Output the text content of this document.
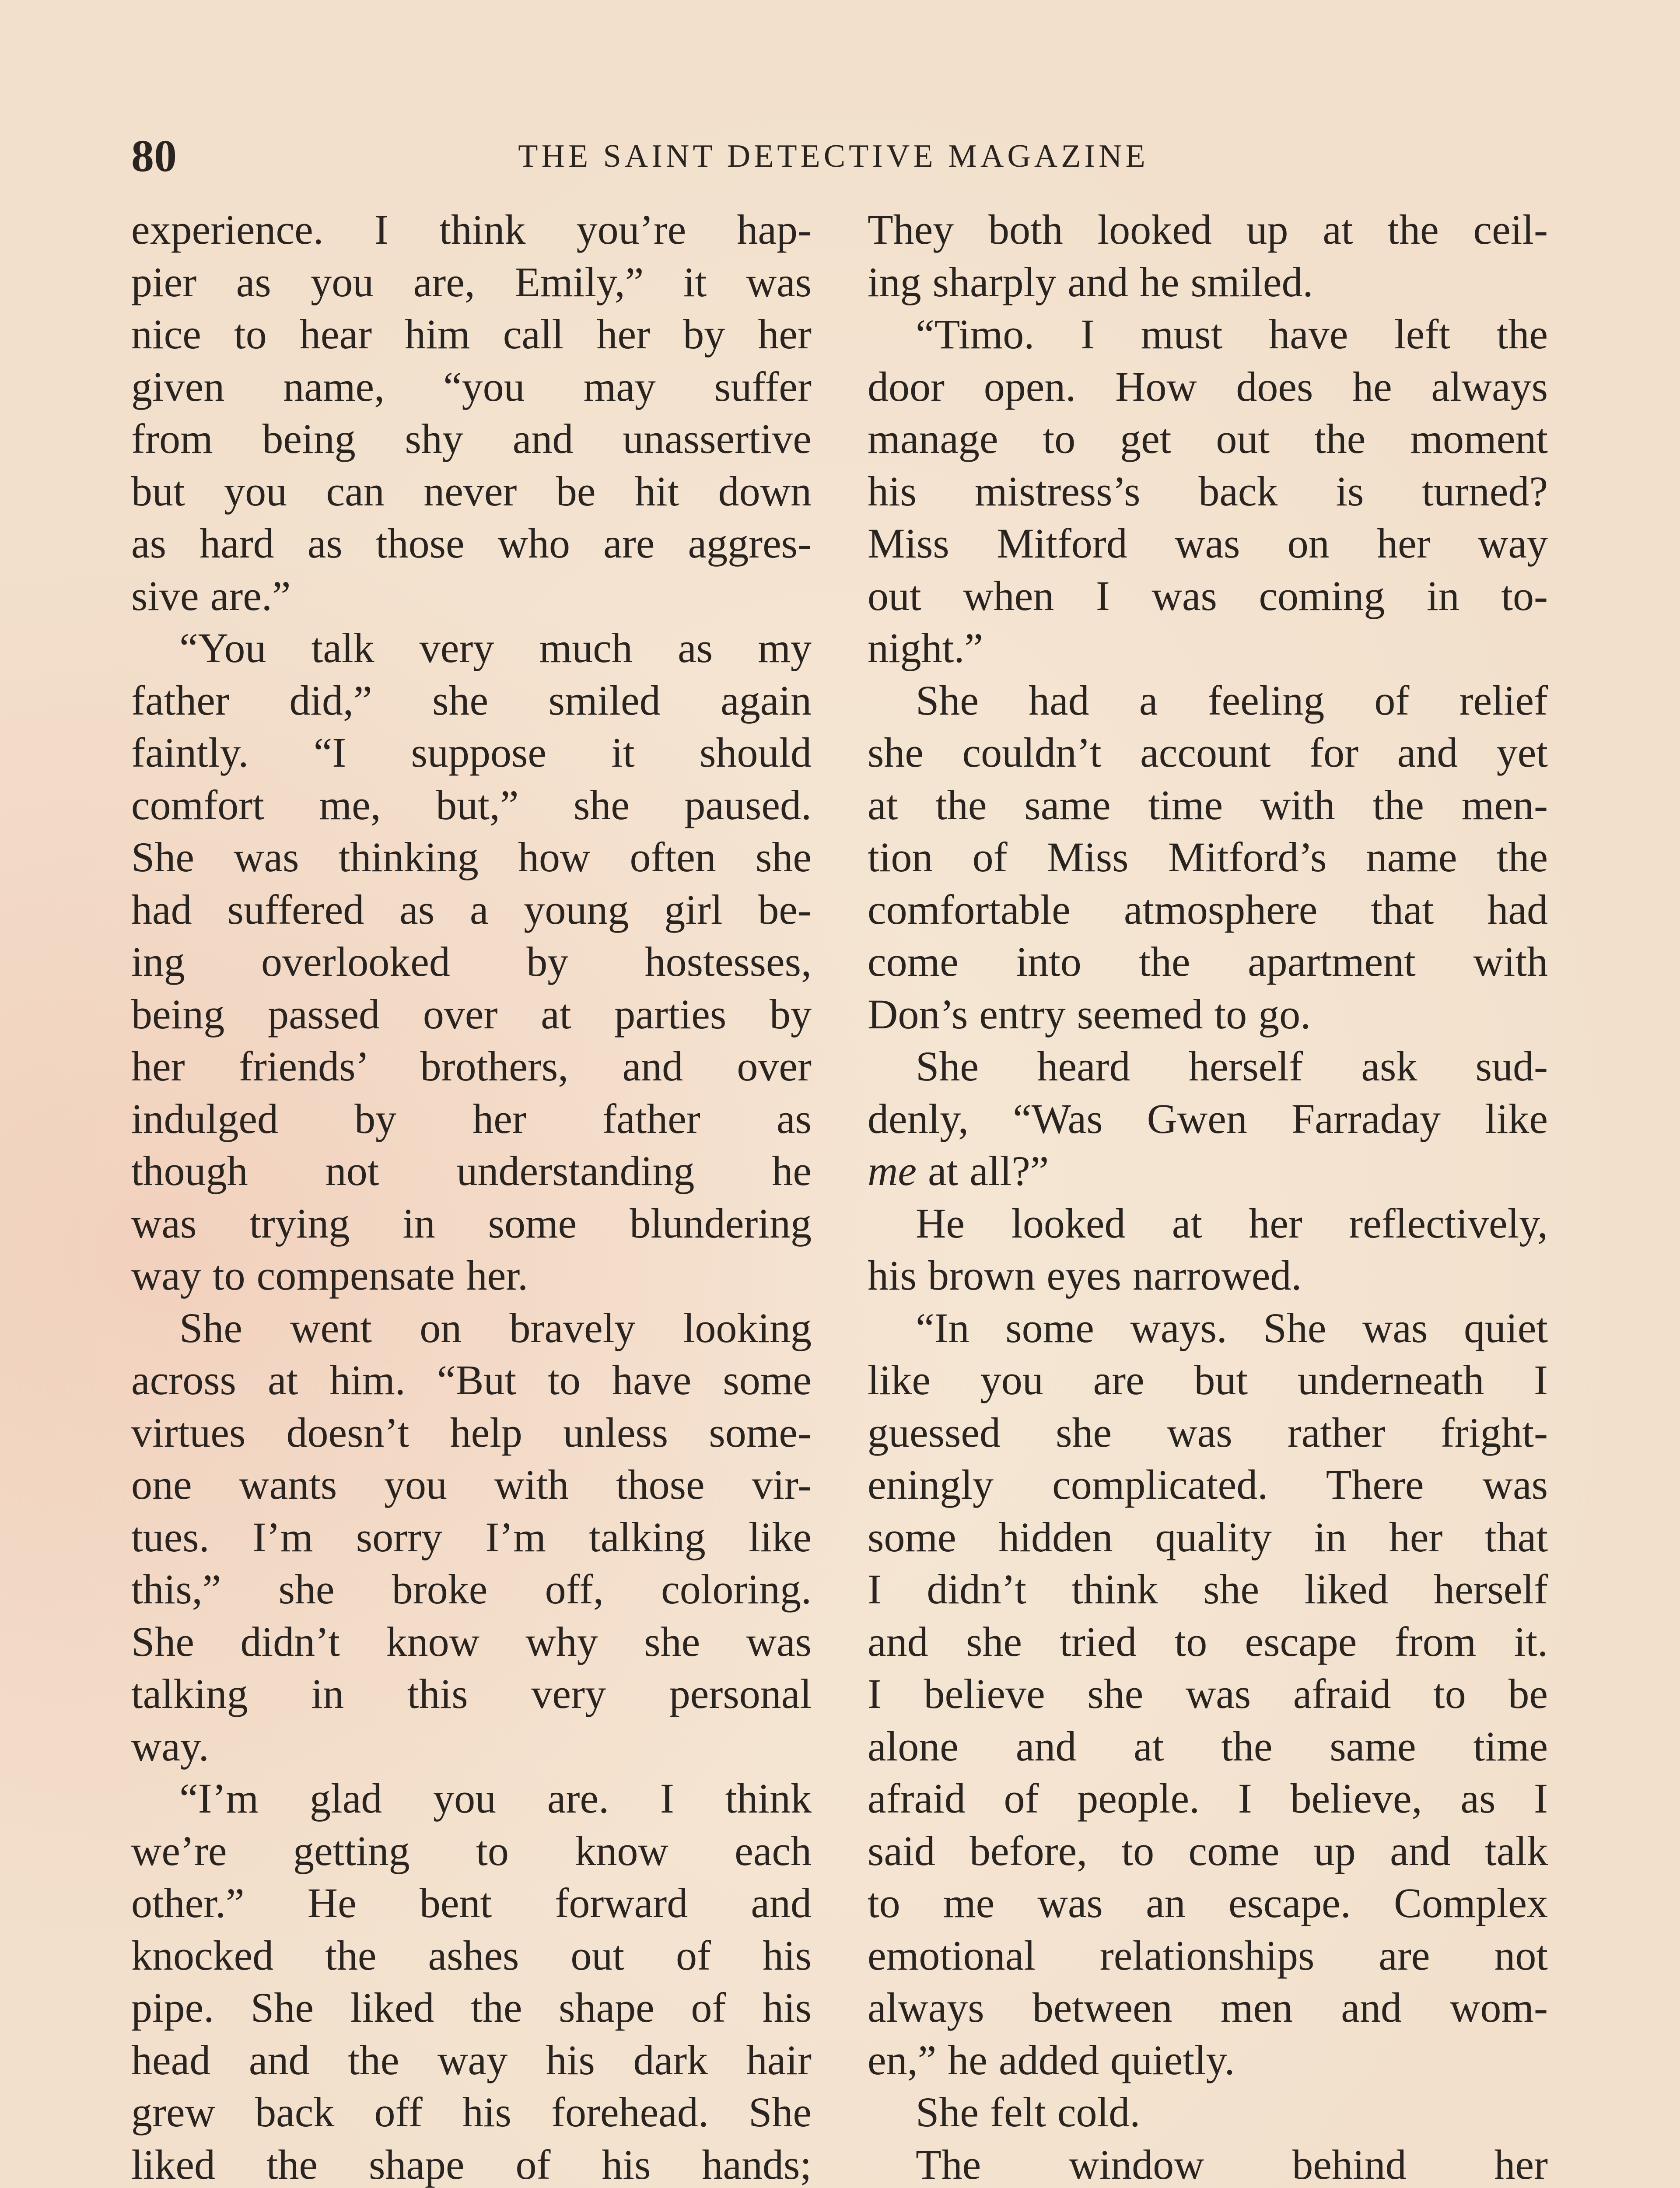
80	THE SAINT DETECTIVE MAGAZINE
experience. I think you’re hap-
pier as you are, Emily,” it was
nice to hear him call her by her
given name, “you may suffer
from being shy and unassertive
but you can never be hit down
as hard as those who are aggres-
sive are.”
“You talk very much as my
father did,” she smiled again
faintly. “I suppose it should
comfort me, but,” she paused.
She was thinking how often she
had suffered as a young girl be-
ing overlooked by hostesses,
being passed over at parties by
her friends’ brothers, and over
indulged by her father as
though not understanding he
was trying in some blundering
way to compensate her.
She went on bravely looking
across at him. “But to have some
virtues doesn’t help unless some-
one wants you with those vir-
tues. I’m sorry I’m talking like
this,” she broke off, coloring.
She didn’t know why she was
talking in this very personal
way.
“I’m glad you are. I think
we’re getting to know each
other.” He bent forward and
knocked the ashes out of his
pipe. She liked the shape of his
head and the way his dark hair
grew back off his forehead. She
liked the shape of his hands;
They both looked up at the ceil-
ing sharply and he smiled.
“Timo. I must have left the
door open. How does he always
manage to get out the moment
his mistress’s back is turned?
Miss Mitford was on her way
out when I was coming in to-
night.”
She had a feeling of relief
she couldn’t account for and yet
at the same time with the men-
tion of Miss Mitford’s name the
comfortable atmosphere that had
come into the apartment with
Don’s entry seemed to go.
She heard herself ask sud-
denly, “Was Gwen Farraday like
me at all?”
He looked at her reflectively,
his brown eyes narrowed.
“In some ways. She was quiet
like you are but underneath I
guessed she was rather fright-
eningly complicated. There was
some hidden quality in her that
I didn’t think she liked herself
and she tried to escape from it.
I believe she was afraid to be
alone and at the same time
afraid of people. I believe, as I
said before, to come up and talk
to me was an escape. Complex
emotional relationships are not
always between men and wom-
en,” he added quietly.
She felt cold.
The window behind her
